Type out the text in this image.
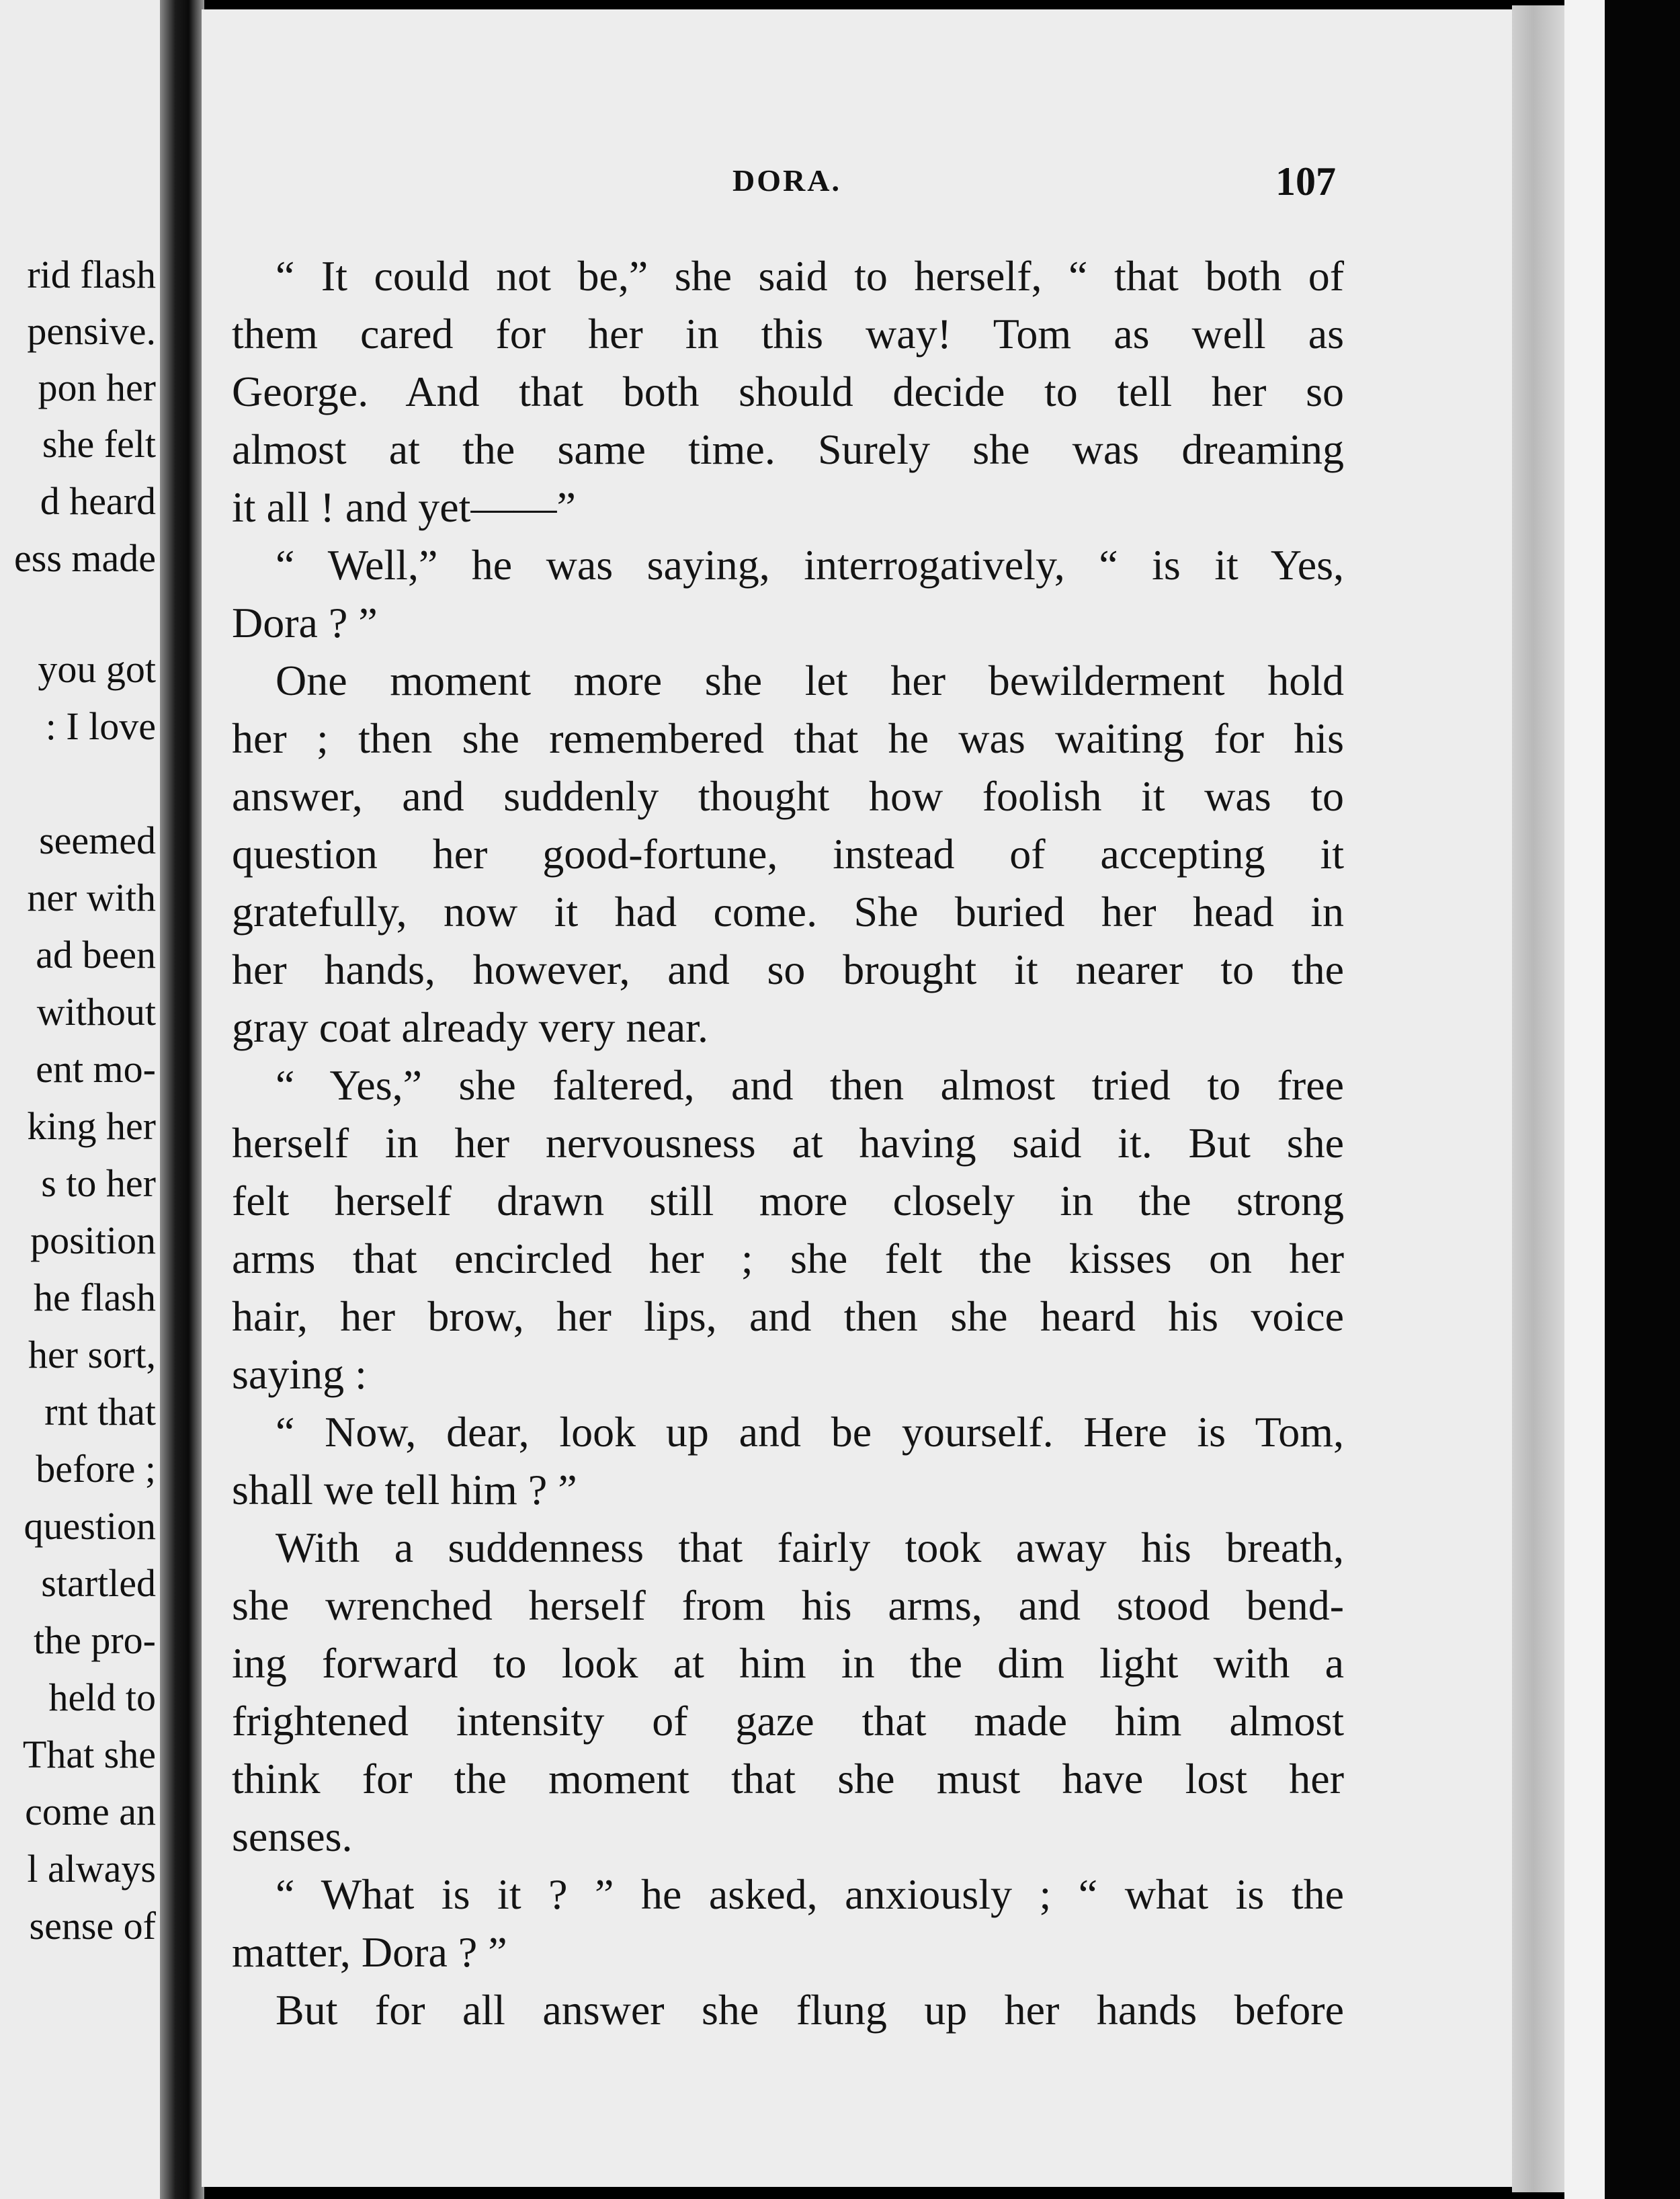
rid flash
pensive.
pon her
she felt
d heard
ess made
you got
: I love
seemed
ner with
ad been
without
ent mo-
king her
s to her
position
he flash
her sort,
rnt that
before ;
question
startled
the pro-
held to
That she
come an
l always
sense of
DORA.	107
“ It could not be,” she said to herself, “ that both of
them cared for her in this way! Tom as well as
George. And that both should decide to tell her so
almost at the same time. Surely she was dreaming
it all ! and yet——”
“ Well,” he was saying, interrogatively, “ is it Yes,
Dora ? ”
One moment more she let her bewilderment hold
her ; then she remembered that he was waiting for his
answer, and suddenly thought how foolish it was to
question her good-fortune, instead of accepting it
gratefully, now it had come. She buried her head in
her hands, however, and so brought it nearer to the
gray coat already very near.
“ Yes,” she faltered, and then almost tried to free
herself in her nervousness at having said it. But she
felt herself drawn still more closely in the strong
arms that encircled her ; she felt the kisses on her
hair, her brow, her lips, and then she heard his voice
saying :
“ Now, dear, look up and be yourself. Here is Tom,
shall we tell him ? ”
With a suddenness that fairly took away his breath,
she wrenched herself from his arms, and stood bend-
ing forward to look at him in the dim light with a
frightened intensity of gaze that made him almost
think for the moment that she must have lost her
senses.
“ What is it ? ” he asked, anxiously ; “ what is the
matter, Dora ? ”
But for all answer she flung up her hands before
